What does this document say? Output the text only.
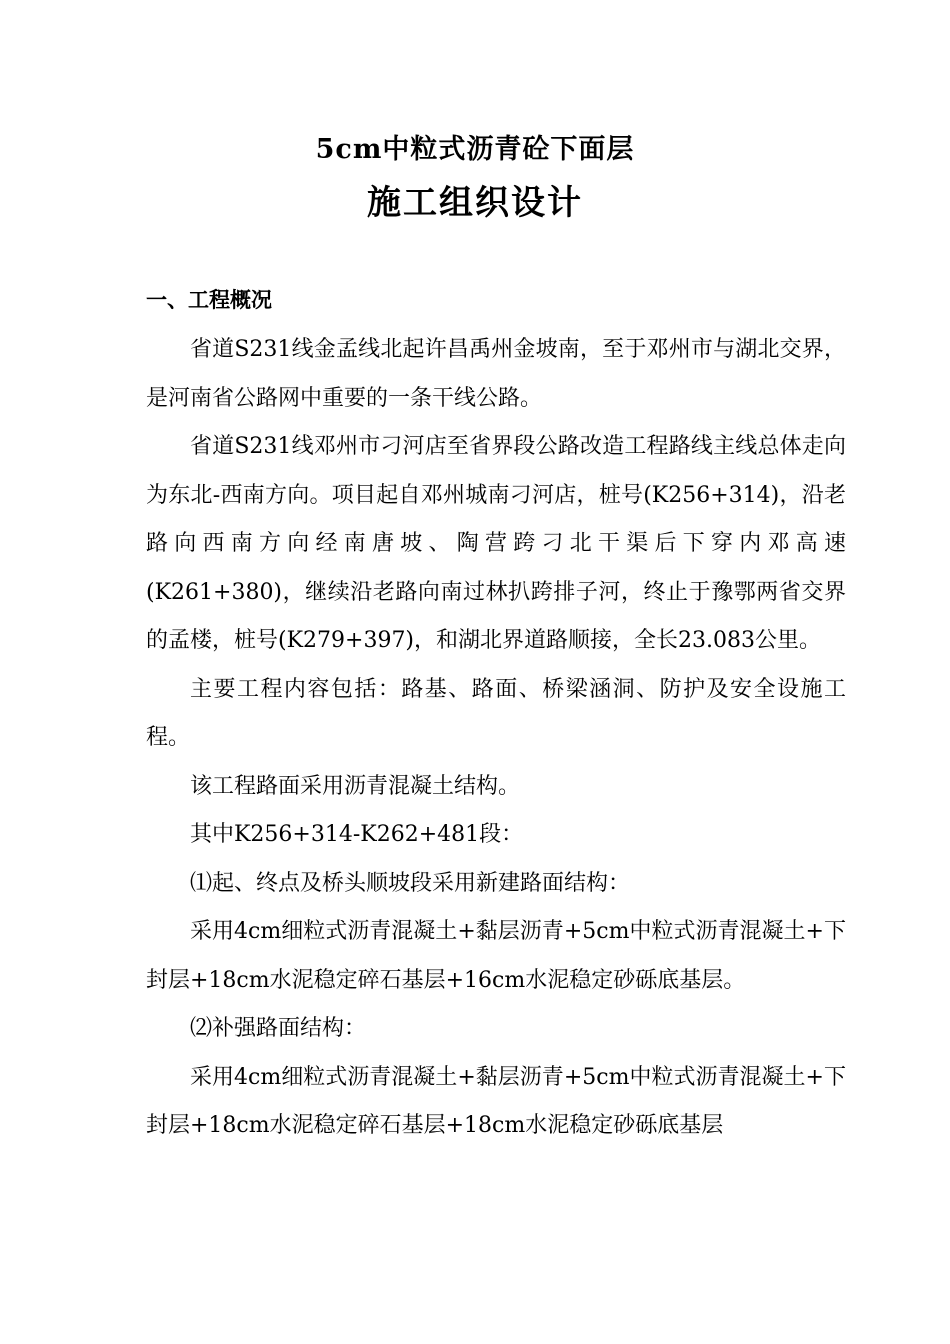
5cm中粒式沥青砼下面层
施工组织设计
一、工程概况

省道S231线金孟线北起许昌禹州金坡南，至于邓州市与湖北交界，是河南省公路网中重要的一条干线公路。

省道S231线邓州市刁河店至省界段公路改造工程路线主线总体走向为东北-西南方向。项目起自邓州城南刁河店，桩号(K256+314)，沿老路向西南方向经南唐坡、陶营跨刁北干渠后下穿内邓高速(K261+380)，继续沿老路向南过林扒跨排子河，终止于豫鄂两省交界的孟楼，桩号(K279+397)，和湖北界道路顺接，全长23.083公里。

主要工程内容包括：路基、路面、桥梁涵洞、防护及安全设施工程。

该工程路面采用沥青混凝土结构。

其中K256+314-K262+481段：

⑴起、终点及桥头顺坡段采用新建路面结构：

采用4cm细粒式沥青混凝土+黏层沥青+5cm中粒式沥青混凝土+下封层+18cm水泥稳定碎石基层+16cm水泥稳定砂砾底基层。

⑵补强路面结构：

采用4cm细粒式沥青混凝土+黏层沥青+5cm中粒式沥青混凝土+下封层+18cm水泥稳定碎石基层+18cm水泥稳定砂砾底基层
